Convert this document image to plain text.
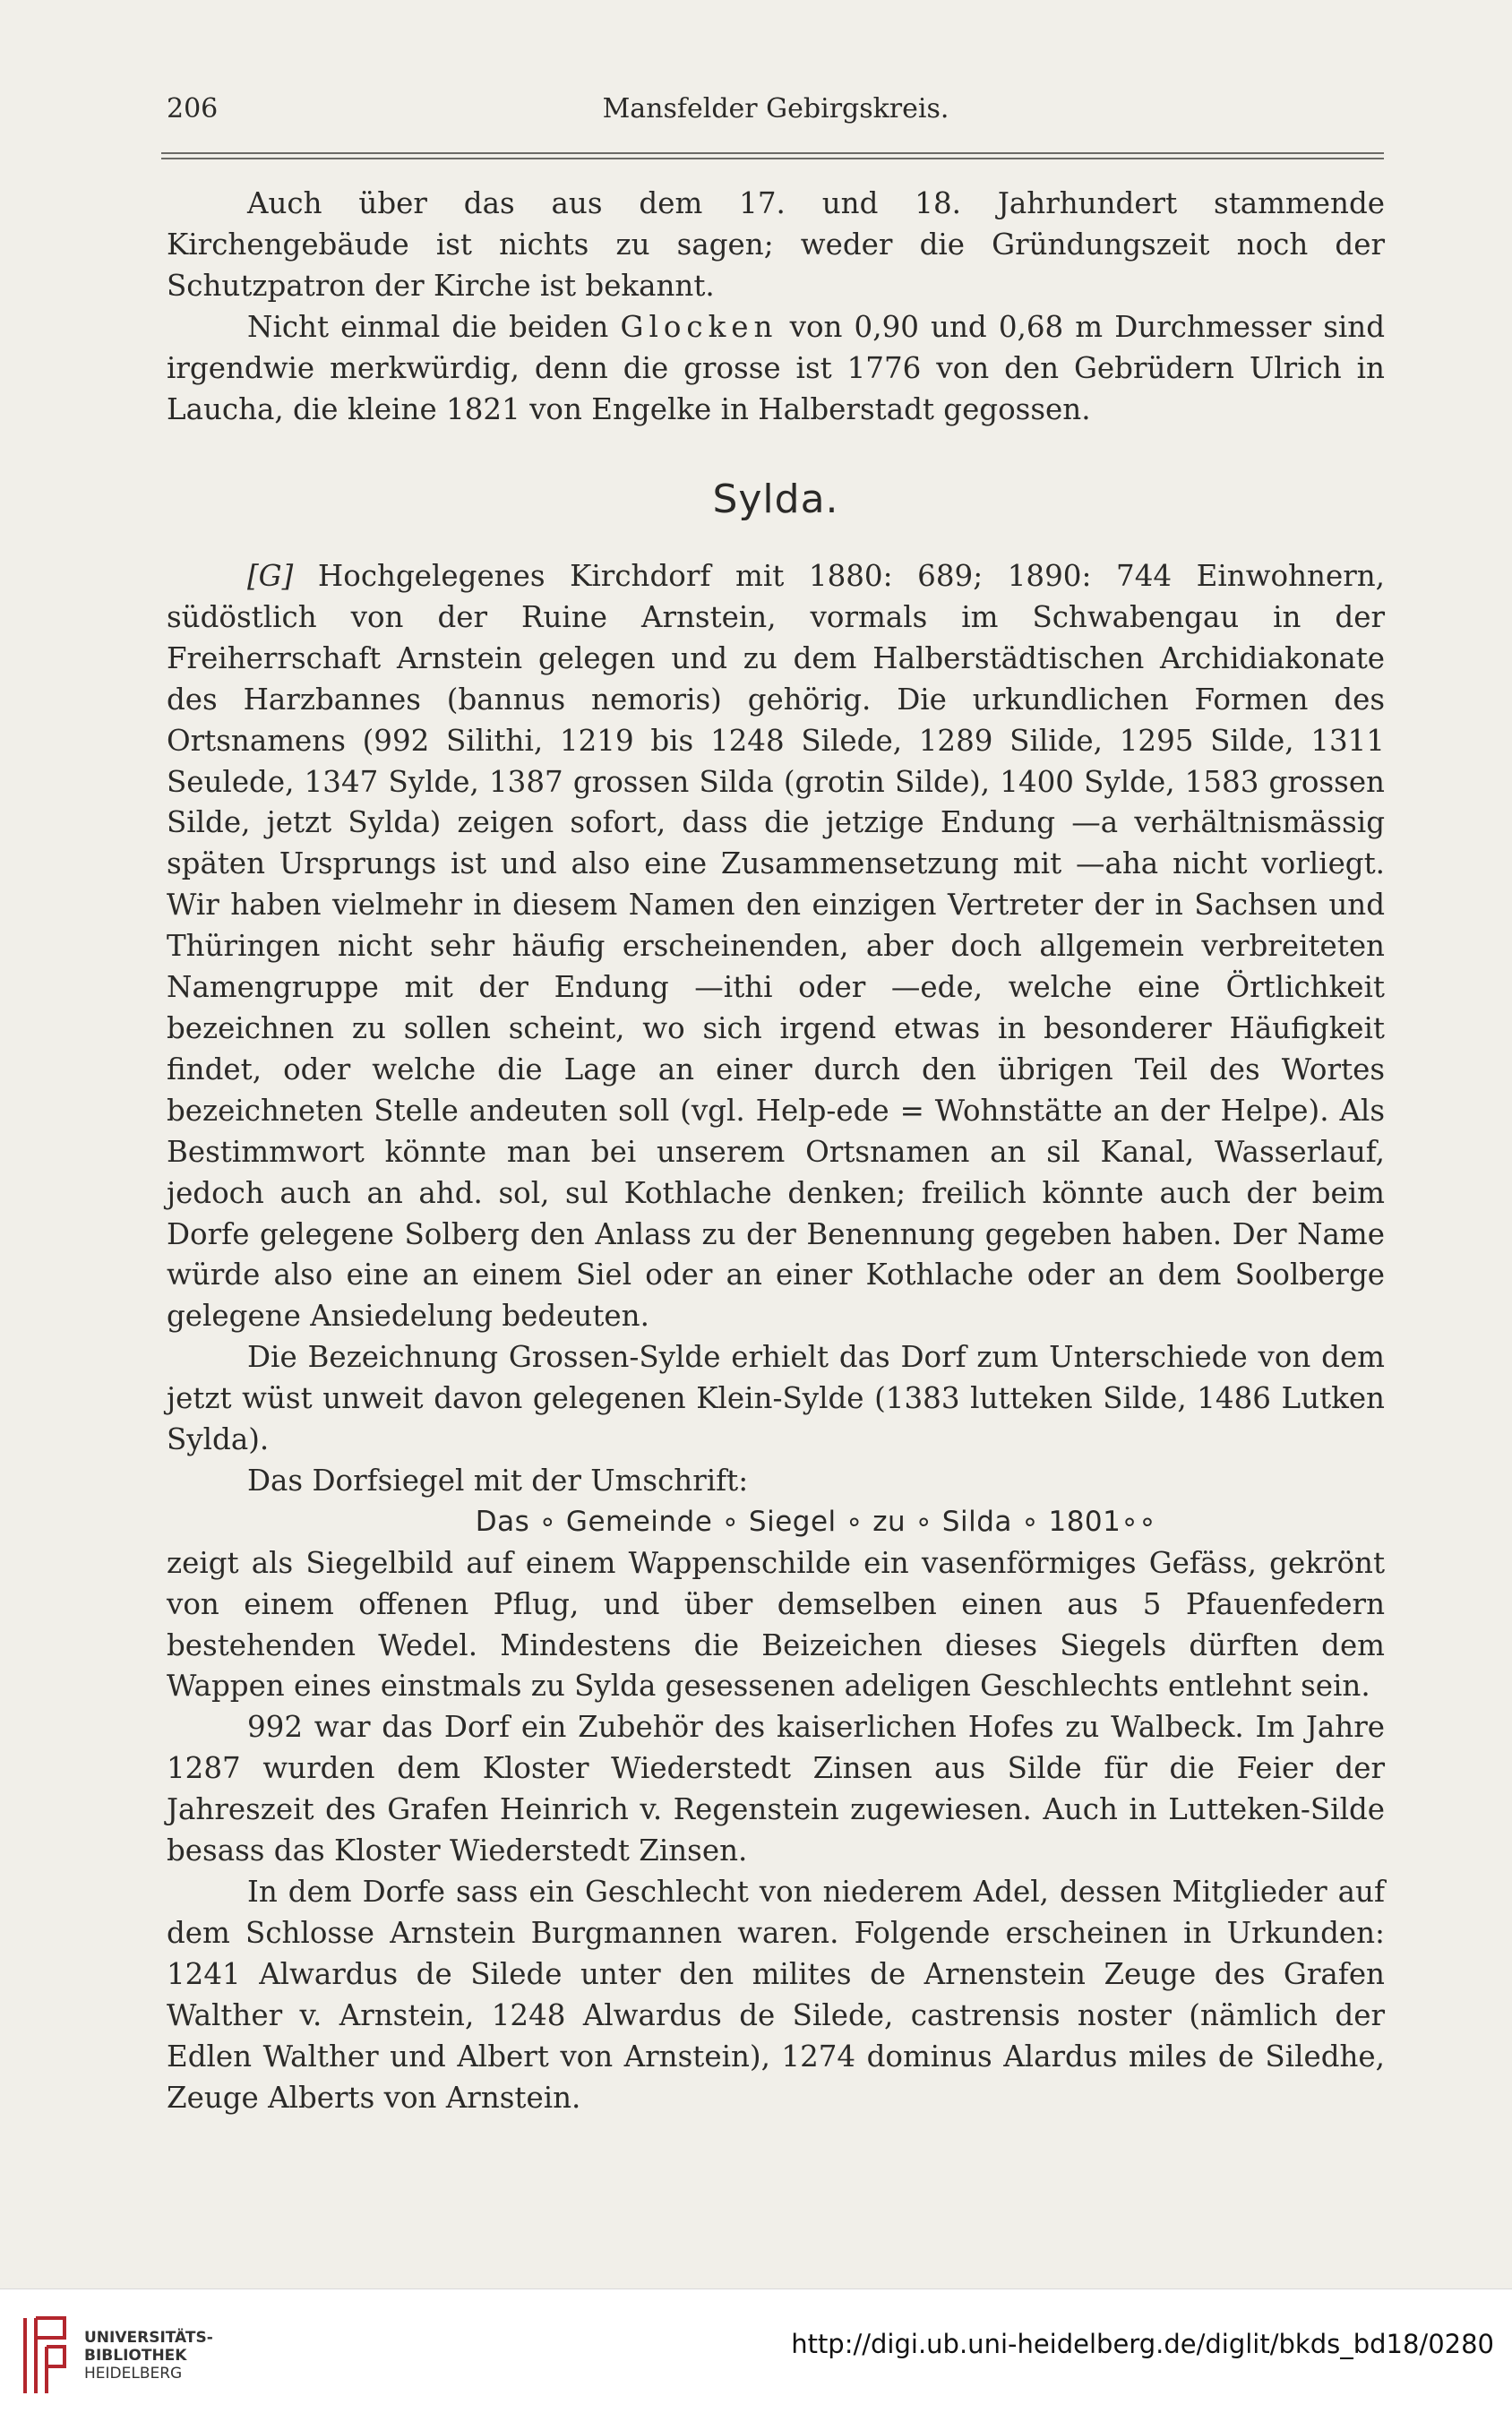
206	Mansfelder Gebirgskreis.

Auch über das aus dem 17. und 18. Jahrhundert stammende Kirchengebäude ist nichts zu sagen; weder die Gründungszeit noch der Schutzpatron der Kirche ist bekannt.

Nicht einmal die beiden Glocken von 0,90 und 0,68 m Durchmesser sind irgendwie merkwürdig, denn die grosse ist 1776 von den Gebrüdern Ulrich in Laucha, die kleine 1821 von Engelke in Halberstadt gegossen.

Sylda.

[G] Hochgelegenes Kirchdorf mit 1880: 689; 1890: 744 Einwohnern, südöstlich von der Ruine Arnstein, vormals im Schwabengau in der Freiherrschaft Arnstein gelegen und zu dem Halberstädtischen Archidiakonate des Harzbannes (bannus nemoris) gehörig. Die urkundlichen Formen des Ortsnamens (992 Silithi, 1219 bis 1248 Silede, 1289 Silide, 1295 Silde, 1311 Seulede, 1347 Sylde, 1387 grossen Silda (grotin Silde), 1400 Sylde, 1583 grossen Silde, jetzt Sylda) zeigen sofort, dass die jetzige Endung —a verhältnismässig späten Ursprungs ist und also eine Zusammensetzung mit —aha nicht vorliegt. Wir haben vielmehr in diesem Namen den einzigen Vertreter der in Sachsen und Thüringen nicht sehr häufig erscheinenden, aber doch allgemein verbreiteten Namengruppe mit der Endung —ithi oder —ede, welche eine Örtlichkeit bezeichnen zu sollen scheint, wo sich irgend etwas in besonderer Häufigkeit findet, oder welche die Lage an einer durch den übrigen Teil des Wortes bezeichneten Stelle andeuten soll (vgl. Help-ede = Wohnstätte an der Helpe). Als Bestimmwort könnte man bei unserem Ortsnamen an sil Kanal, Wasserlauf, jedoch auch an ahd. sol, sul Kothlache denken; freilich könnte auch der beim Dorfe gelegene Solberg den Anlass zu der Benennung gegeben haben. Der Name würde also eine an einem Siel oder an einer Kothlache oder an dem Soolberge gelegene Ansiedelung bedeuten.

Die Bezeichnung Grossen-Sylde erhielt das Dorf zum Unterschiede von dem jetzt wüst unweit davon gelegenen Klein-Sylde (1383 lutteken Silde, 1486 Lutken Sylda).

Das Dorfsiegel mit der Umschrift:

Das ∘ Gemeinde ∘ Siegel ∘ zu ∘ Silda ∘ 1801∘∘

zeigt als Siegelbild auf einem Wappenschilde ein vasenförmiges Gefäss, gekrönt von einem offenen Pflug, und über demselben einen aus 5 Pfauenfedern bestehenden Wedel. Mindestens die Beizeichen dieses Siegels dürften dem Wappen eines einstmals zu Sylda gesessenen adeligen Geschlechts entlehnt sein.

992 war das Dorf ein Zubehör des kaiserlichen Hofes zu Walbeck. Im Jahre 1287 wurden dem Kloster Wiederstedt Zinsen aus Silde für die Feier der Jahreszeit des Grafen Heinrich v. Regenstein zugewiesen. Auch in Lutteken-Silde besass das Kloster Wiederstedt Zinsen.

In dem Dorfe sass ein Geschlecht von niederem Adel, dessen Mitglieder auf dem Schlosse Arnstein Burgmannen waren. Folgende erscheinen in Urkunden: 1241 Alwardus de Silede unter den milites de Arnenstein Zeuge des Grafen Walther v. Arnstein, 1248 Alwardus de Silede, castrensis noster (nämlich der Edlen Walther und Albert von Arnstein), 1274 dominus Alardus miles de Siledhe, Zeuge Alberts von Arnstein.

UNIVERSITÄTS-
BIBLIOTHEK
HEIDELBERG
http://digi.ub.uni-heidelberg.de/diglit/bkds_bd18/0280
